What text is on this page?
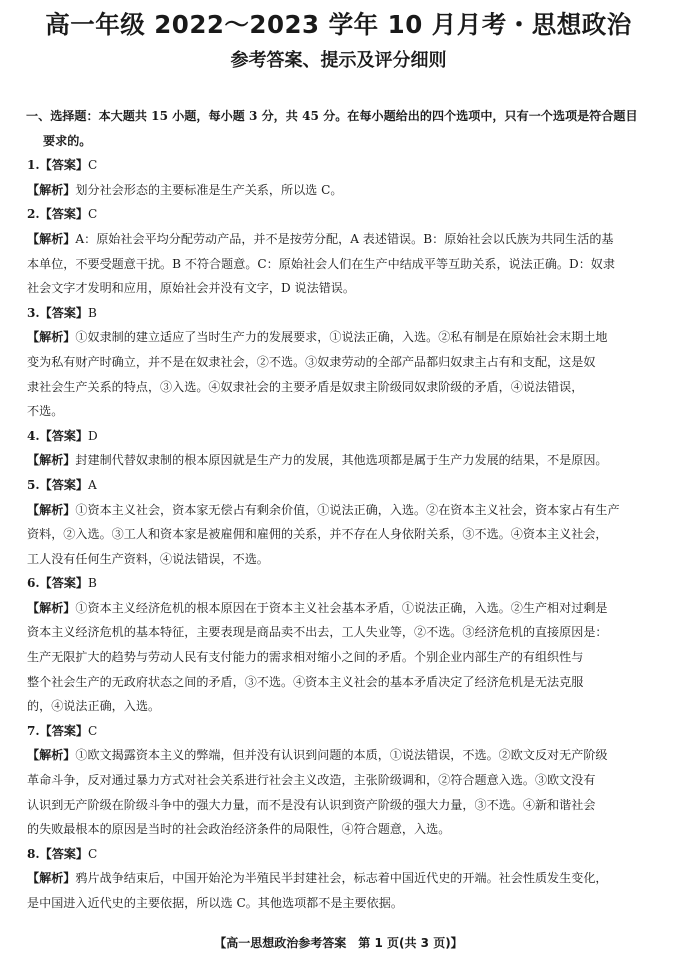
高一年级 2022～2023 学年 10 月月考・思想政治
参考答案、提示及评分细则
一、选择题：本大题共 15 小题，每小题 3 分，共 45 分。在每小题给出的四个选项中，只有一个选项是符合题目
要求的。
1.【答案】C
【解析】划分社会形态的主要标准是生产关系，所以选 C。
2.【答案】C
【解析】A：原始社会平均分配劳动产品，并不是按劳分配，A 表述错误。B：原始社会以氏族为共同生活的基
本单位，不要受题意干扰。B 不符合题意。C：原始社会人们在生产中结成平等互助关系，说法正确。D：奴隶
社会文字才发明和应用，原始社会并没有文字，D 说法错误。
3.【答案】B
【解析】①奴隶制的建立适应了当时生产力的发展要求，①说法正确，入选。②私有制是在原始社会末期土地
变为私有财产时确立，并不是在奴隶社会，②不选。③奴隶劳动的全部产品都归奴隶主占有和支配，这是奴
隶社会生产关系的特点，③入选。④奴隶社会的主要矛盾是奴隶主阶级同奴隶阶级的矛盾，④说法错误，
不选。
4.【答案】D
【解析】封建制代替奴隶制的根本原因就是生产力的发展，其他选项都是属于生产力发展的结果，不是原因。
5.【答案】A
【解析】①资本主义社会，资本家无偿占有剩余价值，①说法正确，入选。②在资本主义社会，资本家占有生产
资料，②入选。③工人和资本家是被雇佣和雇佣的关系，并不存在人身依附关系，③不选。④资本主义社会，
工人没有任何生产资料，④说法错误，不选。
6.【答案】B
【解析】①资本主义经济危机的根本原因在于资本主义社会基本矛盾，①说法正确，入选。②生产相对过剩是
资本主义经济危机的基本特征，主要表现是商品卖不出去，工人失业等，②不选。③经济危机的直接原因是：
生产无限扩大的趋势与劳动人民有支付能力的需求相对缩小之间的矛盾。个别企业内部生产的有组织性与
整个社会生产的无政府状态之间的矛盾，③不选。④资本主义社会的基本矛盾决定了经济危机是无法克服
的，④说法正确，入选。
7.【答案】C
【解析】①欧文揭露资本主义的弊端，但并没有认识到问题的本质，①说法错误，不选。②欧文反对无产阶级
革命斗争，反对通过暴力方式对社会关系进行社会主义改造，主张阶级调和，②符合题意入选。③欧文没有
认识到无产阶级在阶级斗争中的强大力量，而不是没有认识到资产阶级的强大力量，③不选。④新和谐社会
的失败最根本的原因是当时的社会政治经济条件的局限性，④符合题意，入选。
8.【答案】C
【解析】鸦片战争结束后，中国开始沦为半殖民半封建社会，标志着中国近代史的开端。社会性质发生变化，
是中国进入近代史的主要依据，所以选 C。其他选项都不是主要依据。
【高一思想政治参考答案　第 1 页(共 3 页)】
